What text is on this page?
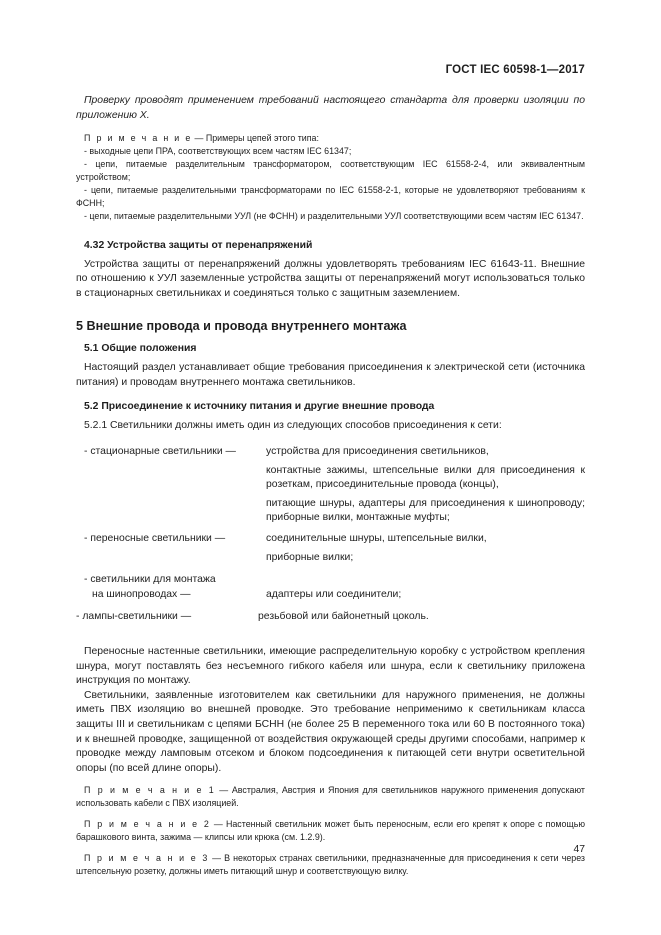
ГОСТ IEC 60598-1—2017

Проверку проводят применением требований настоящего стандарта для проверки изоляции по приложению Х.

П р и м е ч а н и е — Примеры цепей этого типа:

- выходные цепи ПРА, соответствующих всем частям IEC 61347;

- цепи, питаемые разделительным трансформатором, соответствующим IEC 61558-2-4, или эквивалентным устройством;

- цепи, питаемые разделительными трансформаторами по IEC 61558-2-1, которые не удовлетворяют требованиям к ФСНН;

- цепи, питаемые разделительными УУЛ (не ФСНН) и разделительными УУЛ соответствующими всем частям IEC 61347.

4.32 Устройства защиты от перенапряжений

Устройства защиты от перенапряжений должны удовлетворять требованиям IEC 61643-11. Внешние по отношению к УУЛ заземленные устройства защиты от перенапряжений могут использоваться только в стационарных светильниках и соединяться только с защитным заземлением.

5 Внешние провода и провода внутреннего монтажа

5.1 Общие положения

Настоящий раздел устанавливает общие требования присоединения к электрической сети (источника питания) и проводам внутреннего монтажа светильников.

5.2 Присоединение к источнику питания и другие внешние провода

5.2.1 Светильники должны иметь один из следующих способов присоединения к сети:

- стационарные светильники —	устройства для присоединения светильников,

контактные зажимы, штепсельные вилки для присоединения к розеткам, присоединительные провода (концы),

питающие шнуры, адаптеры для присоединения к шинопроводу; приборные вилки, монтажные муфты;

- переносные светильники —	соединительные шнуры, штепсельные вилки,

приборные вилки;

- светильники для монтажа

на шинопроводах —	адаптеры или соединители;

- лампы-светильники —	резьбовой или байонетный цоколь.

Переносные настенные светильники, имеющие распределительную коробку с устройством крепления шнура, могут поставлять без несъемного гибкого кабеля или шнура, если к светильнику приложена инструкция по монтажу.

Светильники, заявленные изготовителем как светильники для наружного применения, не должны иметь ПВХ изоляцию во внешней проводке. Это требование неприменимо к светильникам класса защиты III и светильникам с цепями БСНН (не более 25 В переменного тока или 60 В постоянного тока) и к внешней проводке, защищенной от воздействия окружающей среды другими способами, например к проводке между ламповым отсеком и блоком подсоединения к питающей сети внутри осветительной опоры (по всей длине опоры).

П р и м е ч а н и е 1 — Австралия, Австрия и Япония для светильников наружного применения допускают использовать кабели с ПВХ изоляцией.

П р и м е ч а н и е 2 — Настенный светильник может быть переносным, если его крепят к опоре с помощью барашкового винта, зажима — клипсы или крюка (см. 1.2.9).

П р и м е ч а н и е 3 — В некоторых странах светильники, предназначенные для присоединения к сети через штепсельную розетку, должны иметь питающий шнур и соответствующую вилку.

47
